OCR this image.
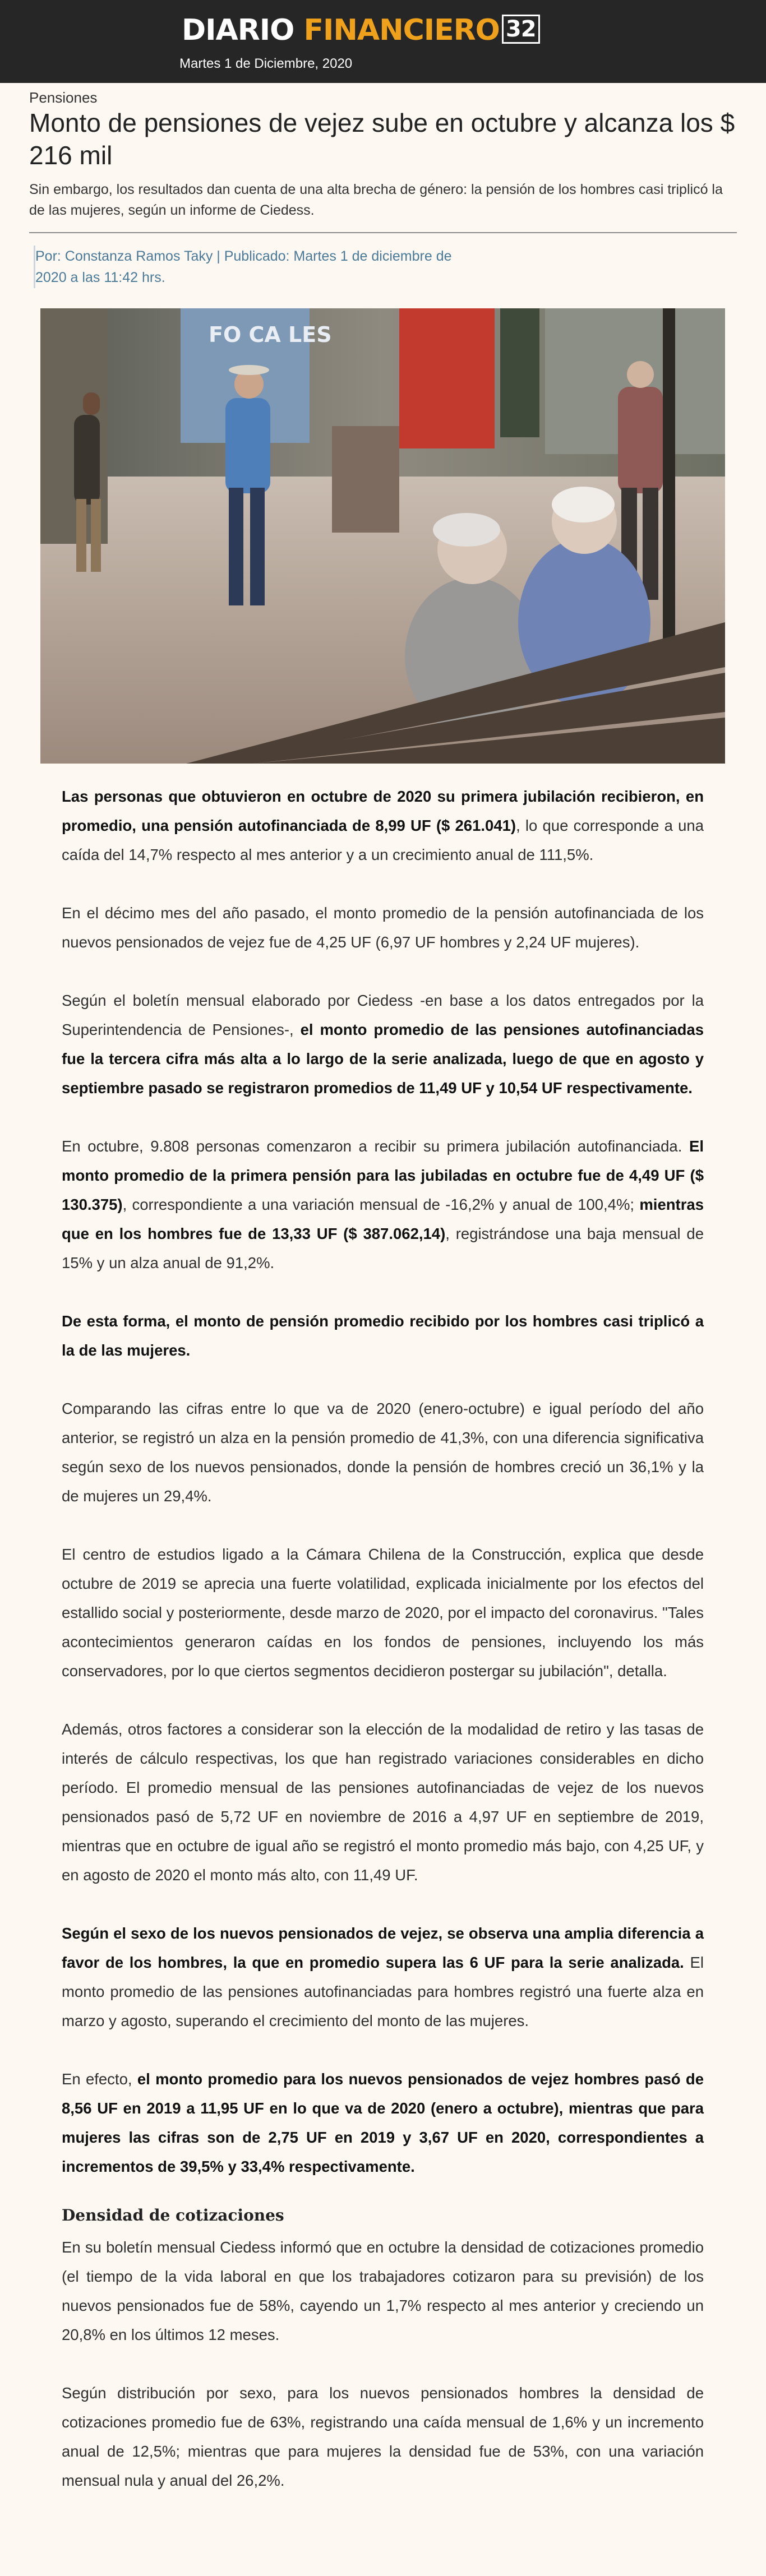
DIARIO FINANCIERO 32
Martes 1 de Diciembre, 2020
Pensiones
Monto de pensiones de vejez sube en octubre y alcanza los $ 216 mil
Sin embargo, los resultados dan cuenta de una alta brecha de género: la pensión de los hombres casi triplicó la de las mujeres, según un informe de Ciedess.
Por: Constanza Ramos Taky | Publicado: Martes 1 de diciembre de
2020 a las 11:42 hrs.
FO CA LES

Las personas que obtuvieron en octubre de 2020 su primera jubilación recibieron, en promedio, una pensión autofinanciada de 8,99 UF ($ 261.041), lo que corresponde a una caída del 14,7% respecto al mes anterior y a un crecimiento anual de 111,5%.

En el décimo mes del año pasado, el monto promedio de la pensión autofinanciada de los nuevos pensionados de vejez fue de 4,25 UF (6,97 UF hombres y 2,24 UF mujeres).

Según el boletín mensual elaborado por Ciedess -en base a los datos entregados por la Superintendencia de Pensiones-, el monto promedio de las pensiones autofinanciadas fue la tercera cifra más alta a lo largo de la serie analizada, luego de que en agosto y septiembre pasado se registraron promedios de 11,49 UF y 10,54 UF respectivamente.

En octubre, 9.808 personas comenzaron a recibir su primera jubilación autofinanciada. El monto promedio de la primera pensión para las jubiladas en octubre fue de 4,49 UF ($ 130.375), correspondiente a una variación mensual de -16,2% y anual de 100,4%; mientras que en los hombres fue de 13,33 UF ($ 387.062,14), registrándose una baja mensual de 15% y un alza anual de 91,2%.

De esta forma, el monto de pensión promedio recibido por los hombres casi triplicó a la de las mujeres.

Comparando las cifras entre lo que va de 2020 (enero-octubre) e igual período del año anterior, se registró un alza en la pensión promedio de 41,3%, con una diferencia significativa según sexo de los nuevos pensionados, donde la pensión de hombres creció un 36,1% y la de mujeres un 29,4%.

El centro de estudios ligado a la Cámara Chilena de la Construcción, explica que desde octubre de 2019 se aprecia una fuerte volatilidad, explicada inicialmente por los efectos del estallido social y posteriormente, desde marzo de 2020, por el impacto del coronavirus. "Tales acontecimientos generaron caídas en los fondos de pensiones, incluyendo los más conservadores, por lo que ciertos segmentos decidieron postergar su jubilación", detalla.

Además, otros factores a considerar son la elección de la modalidad de retiro y las tasas de interés de cálculo respectivas, los que han registrado variaciones considerables en dicho período. El promedio mensual de las pensiones autofinanciadas de vejez de los nuevos pensionados pasó de 5,72 UF en noviembre de 2016 a 4,97 UF en septiembre de 2019, mientras que en octubre de igual año se registró el monto promedio más bajo, con 4,25 UF, y en agosto de 2020 el monto más alto, con 11,49 UF.

Según el sexo de los nuevos pensionados de vejez, se observa una amplia diferencia a favor de los hombres, la que en promedio supera las 6 UF para la serie analizada. El monto promedio de las pensiones autofinanciadas para hombres registró una fuerte alza en marzo y agosto, superando el crecimiento del monto de las mujeres.

En efecto, el monto promedio para los nuevos pensionados de vejez hombres pasó de 8,56 UF en 2019 a 11,95 UF en lo que va de 2020 (enero a octubre), mientras que para mujeres las cifras son de 2,75 UF en 2019 y 3,67 UF en 2020, correspondientes a incrementos de 39,5% y 33,4% respectivamente.

Densidad de cotizaciones

En su boletín mensual Ciedess informó que en octubre la densidad de cotizaciones promedio (el tiempo de la vida laboral en que los trabajadores cotizaron para su previsión) de los nuevos pensionados fue de 58%, cayendo un 1,7% respecto al mes anterior y creciendo un 20,8% en los últimos 12 meses.

Según distribución por sexo, para los nuevos pensionados hombres la densidad de cotizaciones promedio fue de 63%, registrando una caída mensual de 1,6% y un incremento anual de 12,5%; mientras que para mujeres la densidad fue de 53%, con una variación mensual nula y anual del 26,2%.
